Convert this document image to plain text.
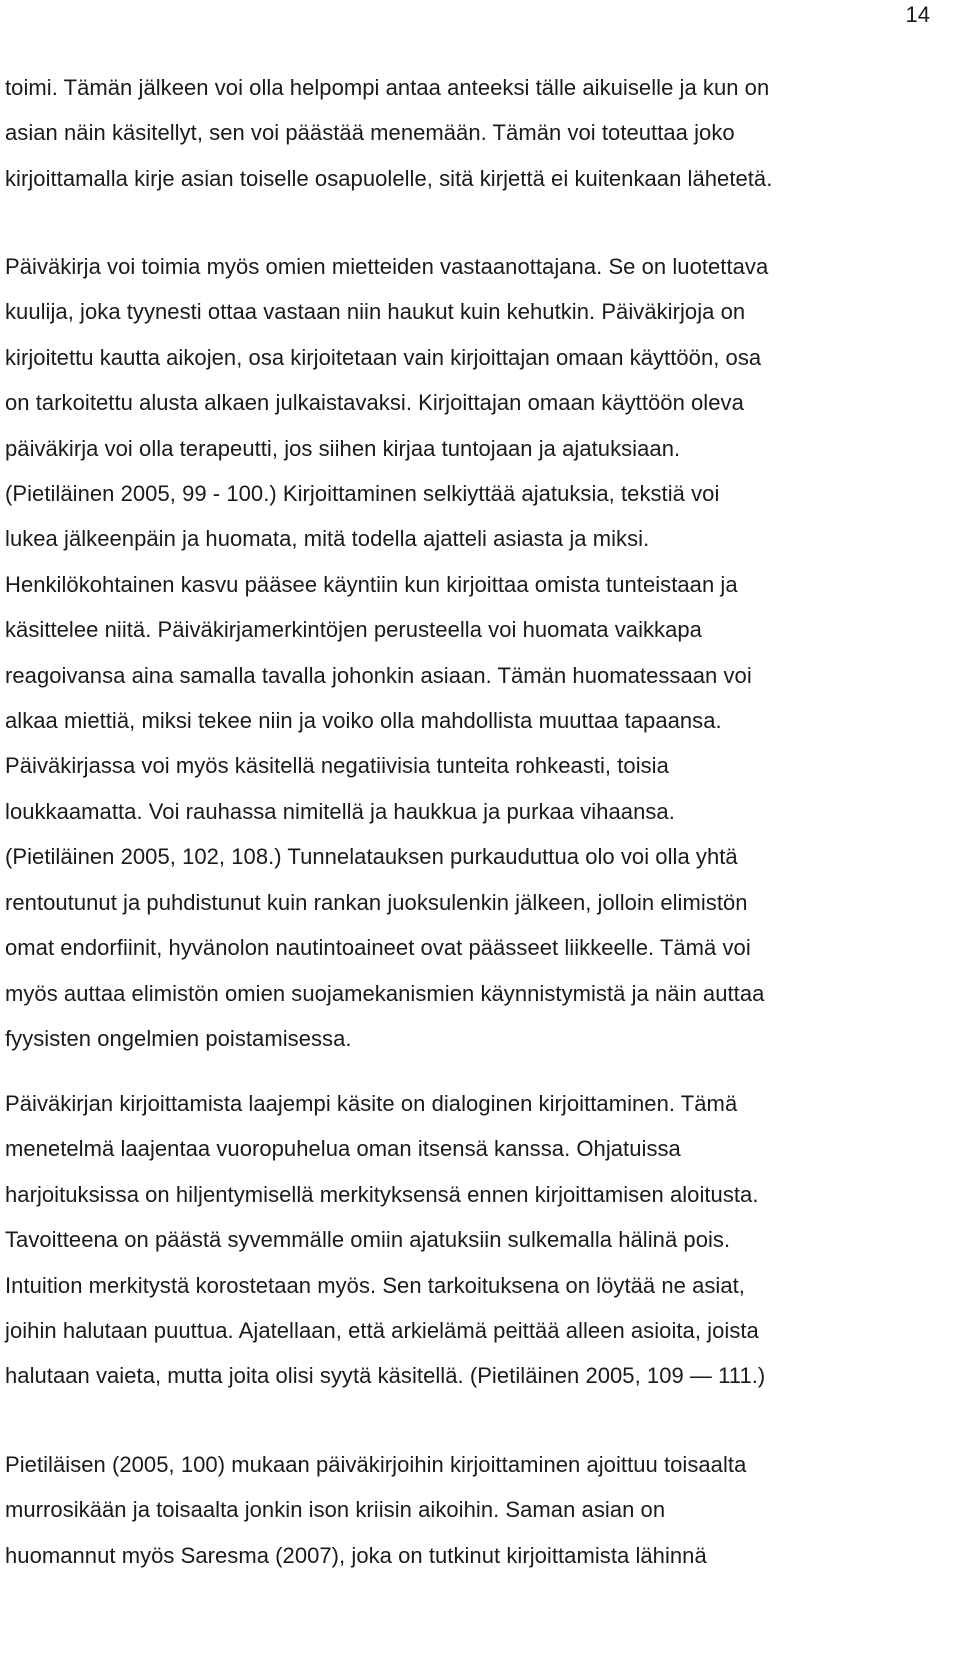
14
toimi. Tämän jälkeen voi olla helpompi antaa anteeksi tälle aikuiselle ja kun on
asian näin käsitellyt, sen voi päästää menemään. Tämän voi toteuttaa joko
kirjoittamalla kirje asian toiselle osapuolelle, sitä kirjettä ei kuitenkaan lähetetä.
Päiväkirja voi toimia myös omien mietteiden vastaanottajana. Se on luotettava
kuulija, joka tyynesti ottaa vastaan niin haukut kuin kehutkin. Päiväkirjoja on
kirjoitettu kautta aikojen, osa kirjoitetaan vain kirjoittajan omaan käyttöön, osa
on tarkoitettu alusta alkaen julkaistavaksi. Kirjoittajan omaan käyttöön oleva
päiväkirja voi olla terapeutti, jos siihen kirjaa tuntojaan ja ajatuksiaan.
(Pietiläinen 2005, 99 - 100.) Kirjoittaminen selkiyttää ajatuksia, tekstiä voi
lukea jälkeenpäin ja huomata, mitä todella ajatteli asiasta ja miksi.
Henkilökohtainen kasvu pääsee käyntiin kun kirjoittaa omista tunteistaan ja
käsittelee niitä. Päiväkirjamerkintöjen perusteella voi huomata vaikkapa
reagoivansa aina samalla tavalla johonkin asiaan. Tämän huomatessaan voi
alkaa miettiä, miksi tekee niin ja voiko olla mahdollista muuttaa tapaansa.
Päiväkirjassa voi myös käsitellä negatiivisia tunteita rohkeasti, toisia
loukkaamatta. Voi rauhassa nimitellä ja haukkua ja purkaa vihaansa.
(Pietiläinen 2005, 102, 108.) Tunnelatauksen purkauduttua olo voi olla yhtä
rentoutunut ja puhdistunut kuin rankan juoksulenkin jälkeen, jolloin elimistön
omat endorfiinit, hyvänolon nautintoaineet ovat päässeet liikkeelle. Tämä voi
myös auttaa elimistön omien suojamekanismien käynnistymistä ja näin auttaa
fyysisten ongelmien poistamisessa.
Päiväkirjan kirjoittamista laajempi käsite on dialoginen kirjoittaminen. Tämä
menetelmä laajentaa vuoropuhelua oman itsensä kanssa. Ohjatuissa
harjoituksissa on hiljentymisellä merkityksensä ennen kirjoittamisen aloitusta.
Tavoitteena on päästä syvemmälle omiin ajatuksiin sulkemalla hälinä pois.
Intuition merkitystä korostetaan myös. Sen tarkoituksena on löytää ne asiat,
joihin halutaan puuttua. Ajatellaan, että arkielämä peittää alleen asioita, joista
halutaan vaieta, mutta joita olisi syytä käsitellä. (Pietiläinen 2005, 109 — 111.)
Pietiläisen (2005, 100) mukaan päiväkirjoihin kirjoittaminen ajoittuu toisaalta
murrosikään ja toisaalta jonkin ison kriisin aikoihin. Saman asian on
huomannut myös Saresma (2007), joka on tutkinut kirjoittamista lähinnä
